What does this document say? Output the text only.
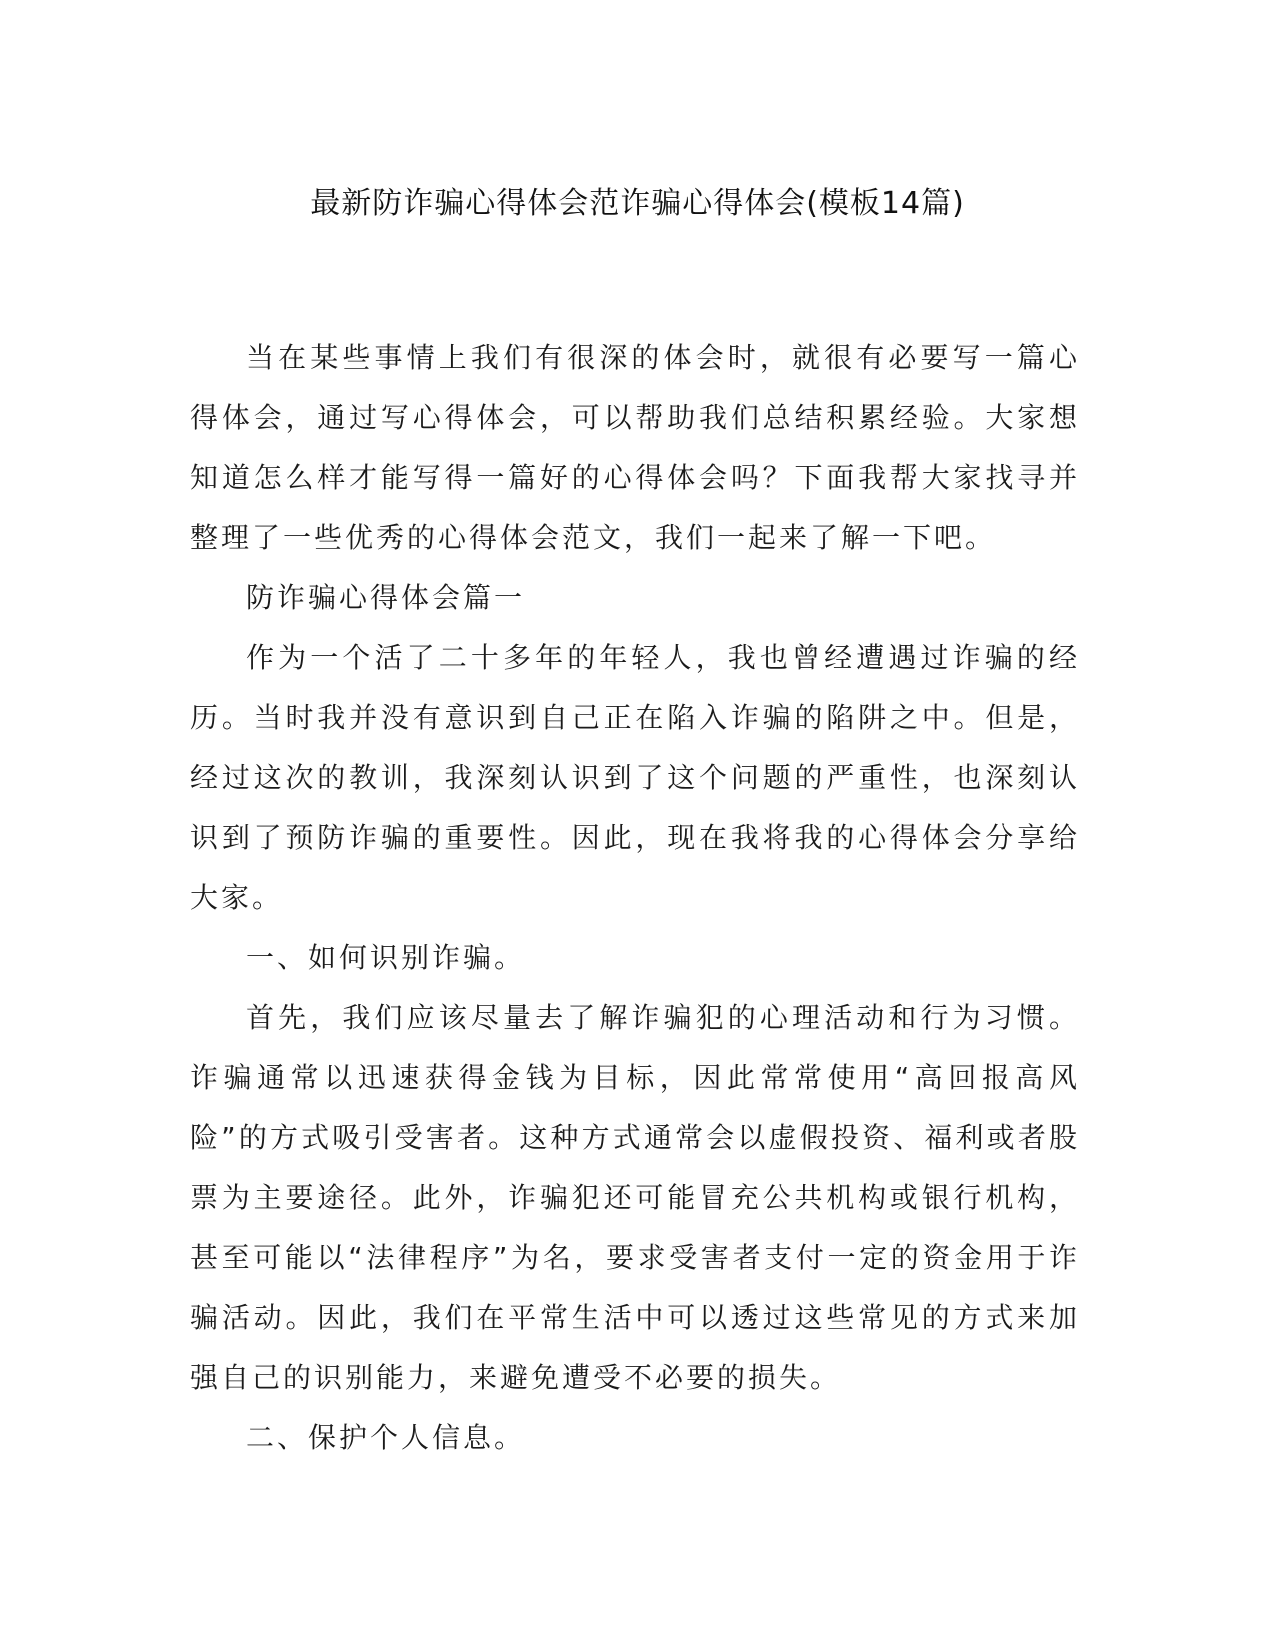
最新防诈骗心得体会范诈骗心得体会(模板14篇)

当在某些事情上我们有很深的体会时，就很有必要写一篇心得体会，通过写心得体会，可以帮助我们总结积累经验。大家想知道怎么样才能写得一篇好的心得体会吗？下面我帮大家找寻并整理了一些优秀的心得体会范文，我们一起来了解一下吧。

防诈骗心得体会篇一

作为一个活了二十多年的年轻人，我也曾经遭遇过诈骗的经历。当时我并没有意识到自己正在陷入诈骗的陷阱之中。但是，经过这次的教训，我深刻认识到了这个问题的严重性，也深刻认识到了预防诈骗的重要性。因此，现在我将我的心得体会分享给大家。

一、如何识别诈骗。

首先，我们应该尽量去了解诈骗犯的心理活动和行为习惯。诈骗通常以迅速获得金钱为目标，因此常常使用“高回报高风险”的方式吸引受害者。这种方式通常会以虚假投资、福利或者股票为主要途径。此外，诈骗犯还可能冒充公共机构或银行机构，甚至可能以“法律程序”为名，要求受害者支付一定的资金用于诈骗活动。因此，我们在平常生活中可以透过这些常见的方式来加强自己的识别能力，来避免遭受不必要的损失。

二、保护个人信息。
